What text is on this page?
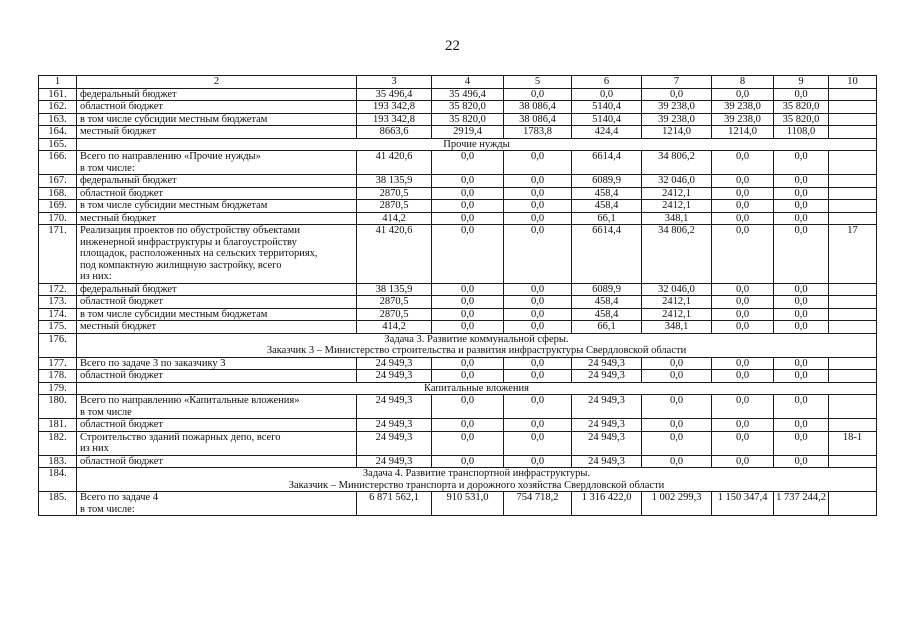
22
1	2	3	4	5	6	7	8	9	10
161.	федеральный бюджет	35 496,4	35 496,4	0,0	0,0	0,0	0,0	0,0	
162.	областной бюджет	193 342,8	35 820,0	38 086,4	5140,4	39 238,0	39 238,0	35 820,0	
163.	в том числе субсидии местным бюджетам	193 342,8	35 820,0	38 086,4	5140,4	39 238,0	39 238,0	35 820,0	
164.	местный бюджет	8663,6	2919,4	1783,8	424,4	1214,0	1214,0	1108,0	
165.	Прочие нужды								
166.	Всего по направлению «Прочие нужды»
в том числе:	41 420,6	0,0	0,0	6614,4	34 806,2	0,0	0,0	
167.	федеральный бюджет	38 135,9	0,0	0,0	6089,9	32 046,0	0,0	0,0	
168.	областной бюджет	2870,5	0,0	0,0	458,4	2412,1	0,0	0,0	
169.	в том числе субсидии местным бюджетам	2870,5	0,0	0,0	458,4	2412,1	0,0	0,0	
170.	местный бюджет	414,2	0,0	0,0	66,1	348,1	0,0	0,0	
171.	Реализация проектов по обустройству объектами
инженерной инфраструктуры и благоустройству
площадок, расположенных на сельских территориях,
под компактную жилищную застройку, всего
из них:	41 420,6	0,0	0,0	6614,4	34 806,2	0,0	0,0	17
172.	федеральный бюджет	38 135,9	0,0	0,0	6089,9	32 046,0	0,0	0,0	
173.	областной бюджет	2870,5	0,0	0,0	458,4	2412,1	0,0	0,0	
174.	в том числе субсидии местным бюджетам	2870,5	0,0	0,0	458,4	2412,1	0,0	0,0	
175.	местный бюджет	414,2	0,0	0,0	66,1	348,1	0,0	0,0	
176.	Задача 3. Развитие коммунальной сферы.
Заказчик 3 – Министерство строительства и развития инфраструктуры Свердловской области								
177.	Всего по задаче 3 по заказчику 3	24 949,3	0,0	0,0	24 949,3	0,0	0,0	0,0	
178.	областной бюджет	24 949,3	0,0	0,0	24 949,3	0,0	0,0	0,0	
179.	Капитальные вложения								
180.	Всего по направлению «Капитальные вложения»
в том числе	24 949,3	0,0	0,0	24 949,3	0,0	0,0	0,0	
181.	областной бюджет	24 949,3	0,0	0,0	24 949,3	0,0	0,0	0,0	
182.	Строительство зданий пожарных депо, всего
из них	24 949,3	0,0	0,0	24 949,3	0,0	0,0	0,0	18-1
183.	областной бюджет	24 949,3	0,0	0,0	24 949,3	0,0	0,0	0,0	
184.	Задача 4. Развитие транспортной инфраструктуры.
Заказчик – Министерство транспорта и дорожного хозяйства Свердловской области								
185.	Всего по задаче 4
в том числе:	6 871 562,1	910 531,0	754 718,2	1 316 422,0	1 002 299,3	1 150 347,4	1 737 244,2	
